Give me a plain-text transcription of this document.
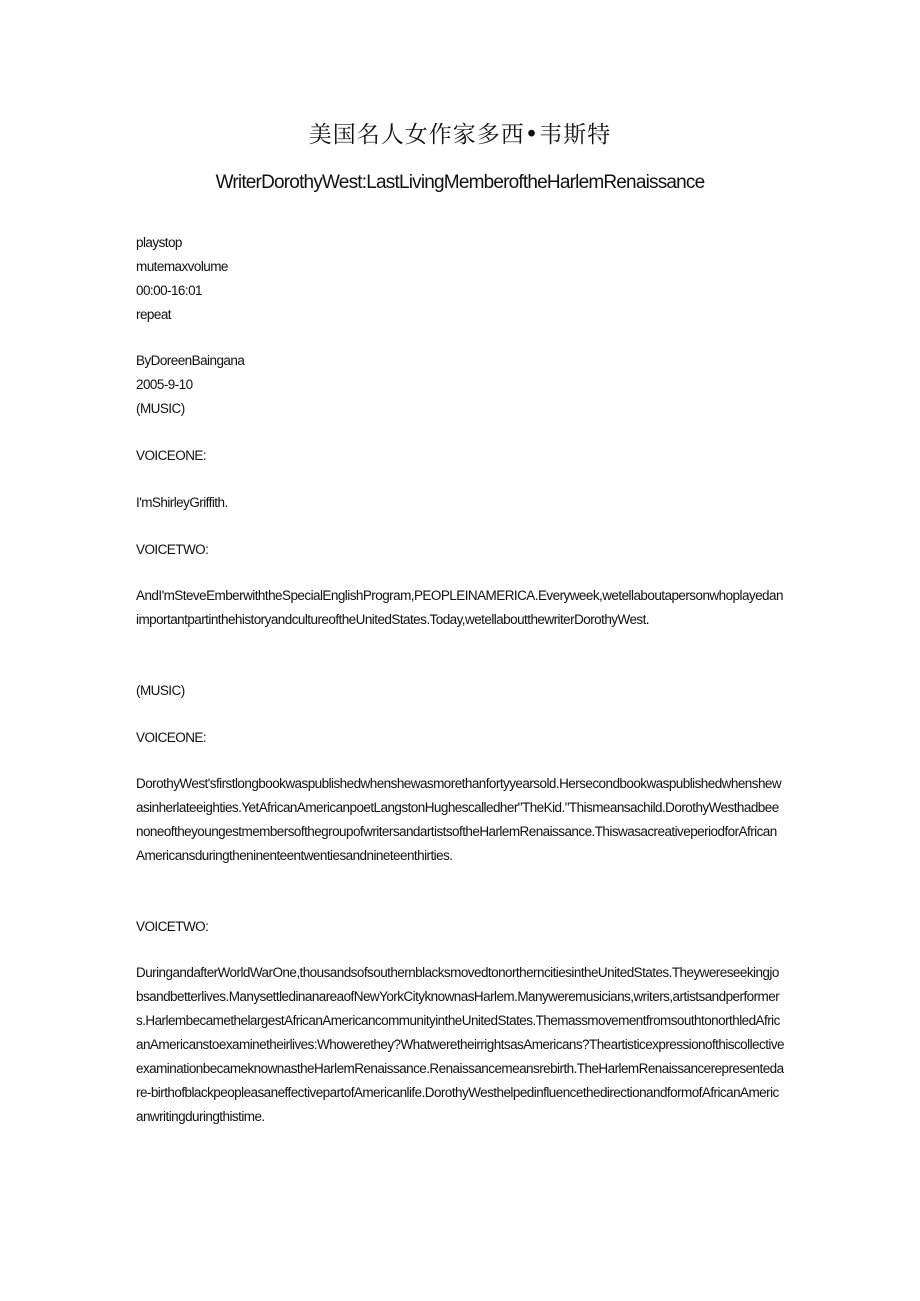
美国名人女作家多西•韦斯特
WriterDorothyWest:LastLivingMemberoftheHarlemRenaissance
playstop
mutemaxvolume
00:00-16:01
repeat
ByDoreenBaingana
2005-9-10
(MUSIC)
VOICEONE:
I'mShirleyGriffith.
VOICETWO:
AndI'mSteveEmberwiththeSpecialEnglishProgram,PEOPLEINAMERICA.Everyweek,wetellaboutapersonwhoplayedanimportantpartinthehistoryandcultureoftheUnitedStates.Today,wetellaboutthewriterDorothyWest.
(MUSIC)
VOICEONE:
DorothyWest'sfirstlongbookwaspublishedwhenshewasmorethanfortyyearsold.Hersecondbookwaspublishedwhenshewasinherlateeighties.YetAfricanAmericanpoetLangstonHughescalledher"TheKid."Thismeansachild.DorothyWesthadbeenoneoftheyoungestmembersofthegroupofwritersandartistsoftheHarlemRenaissance.ThiswasacreativeperiodforAfricanAmericansduringtheninenteentwentiesandnineteenthirties.
VOICETWO:
DuringandafterWorldWarOne,thousandsofsouthernblacksmovedtonortherncitiesintheUnitedStates.Theywereseekingjobsandbetterlives.ManysettledinanareaofNewYorkCityknownasHarlem.Manyweremusicians,writers,artistsandperformers.HarlembecamethelargestAfricanAmericancommunityintheUnitedStates.ThemassmovementfromsouthtonorthledAfricanAmericanstoexaminetheirlives:Whowerethey?WhatweretheirrightsasAmericans?TheartisticexpressionofthiscollectiveexaminationbecameknownastheHarlemRenaissance.Renaissancemeansrebirth.TheHarlemRenaissancerepresentedare-birthofblackpeopleasaneffectivepartofAmericanlife.DorothyWesthelpedinfluencethedirectionandformofAfricanAmericanwritingduringthistime.
